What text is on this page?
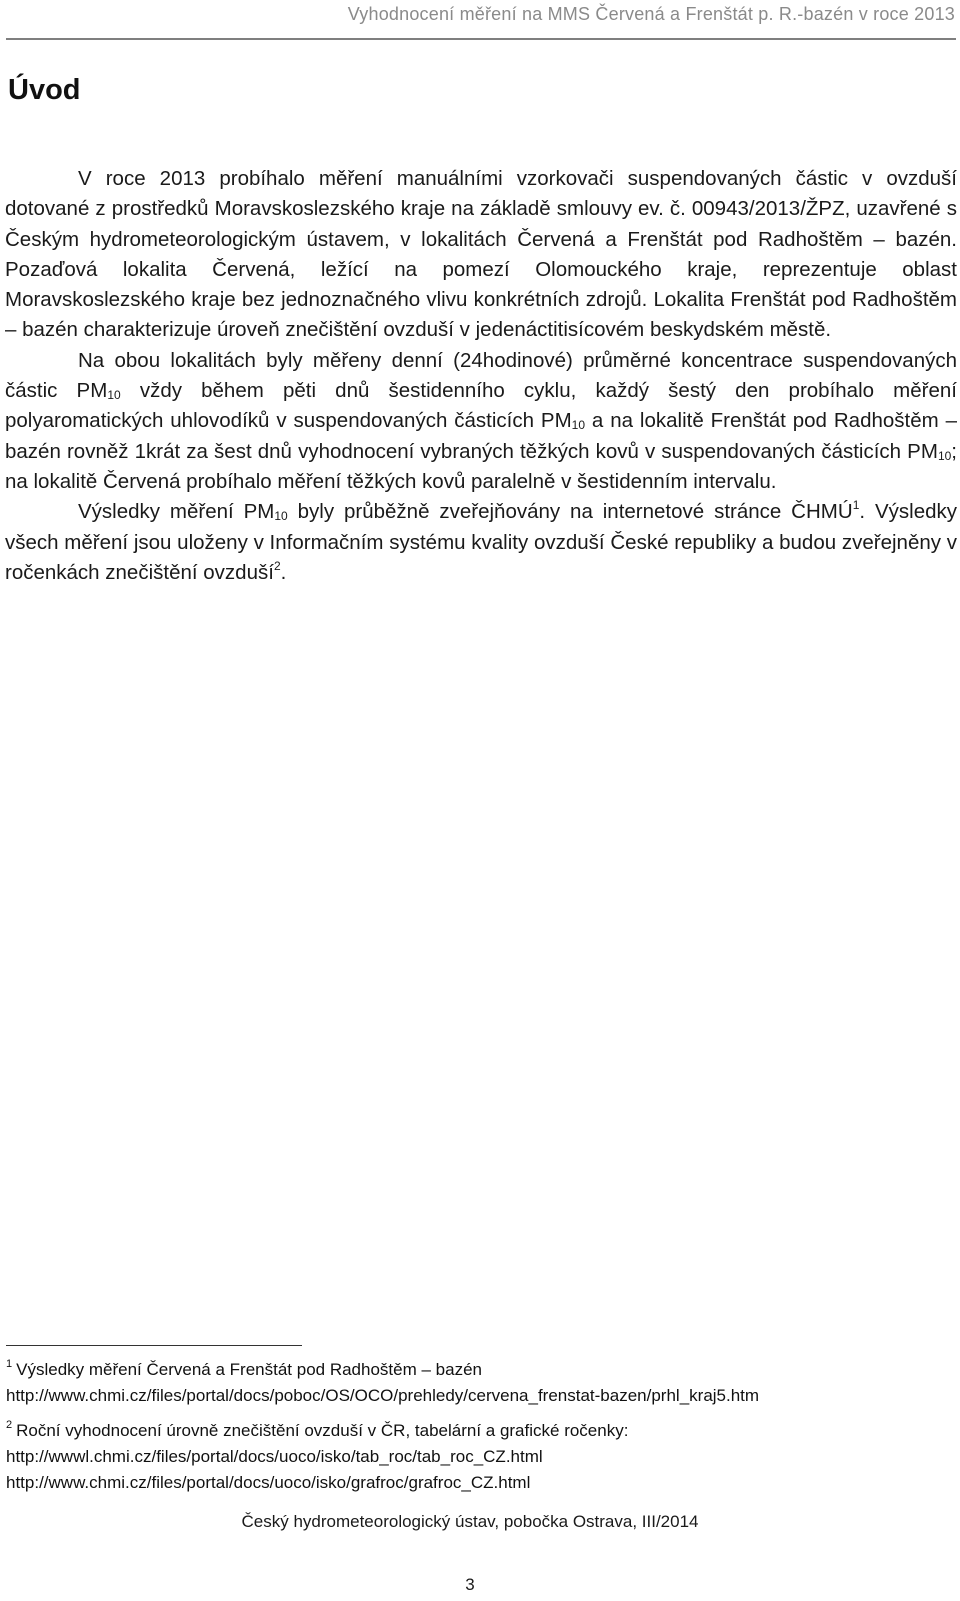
Vyhodnocení měření na MMS Červená a Frenštát p. R.-bazén v roce 2013
Úvod

V roce 2013 probíhalo měření manuálními vzorkovači suspendovaných částic v ovzduší dotované z prostředků Moravskoslezského kraje na základě smlouvy ev. č. 00943/2013/ŽPZ, uzavřené s Českým hydrometeorologickým ústavem, v lokalitách Červená a Frenštát pod Radhoštěm – bazén. Pozaďová lokalita Červená, ležící na pomezí Olomouckého kraje, reprezentuje oblast Moravskoslezského kraje bez jednoznačného vlivu konkrétních zdrojů. Lokalita Frenštát pod Radhoštěm – bazén charakterizuje úroveň znečištění ovzduší v jedenáctitisícovém beskydském městě.

Na obou lokalitách byly měřeny denní (24hodinové) průměrné koncentrace suspendovaných částic $PM_{10}$ vždy během pěti dnů šestidenního cyklu, každý šestý den probíhalo měření polyaromatických uhlovodíků v suspendovaných částicích $PM_{10}$ a na lokalitě Frenštát pod Radhoštěm – bazén rovněž 1krát za šest dnů vyhodnocení vybraných těžkých kovů v suspendovaných částicích $PM_{10}$; na lokalitě Červená probíhalo měření těžkých kovů paralelně v šestidenním intervalu.

Výsledky měření $PM_{10}$ byly průběžně zveřejňovány na internetové stránce ČHMÚ$^1$. Výsledky všech měření jsou uloženy v Informačním systému kvality ovzduší České republiky a budou zveřejněny v ročenkách znečištění ovzduší$^2$.

$^1$ Výsledky měření Červená a Frenštát pod Radhoštěm – bazén
http://www.chmi.cz/files/portal/docs/poboc/OS/OCO/prehledy/cervena_frenstat-bazen/prhl_kraj5.htm
$^2$ Roční vyhodnocení úrovně znečištění ovzduší v ČR, tabelární a grafické ročenky:
http://wwwl.chmi.cz/files/portal/docs/uoco/isko/tab_roc/tab_roc_CZ.html
http://www.chmi.cz/files/portal/docs/uoco/isko/grafroc/grafroc_CZ.html
Český hydrometeorologický ústav, pobočka Ostrava, III/2014
3
